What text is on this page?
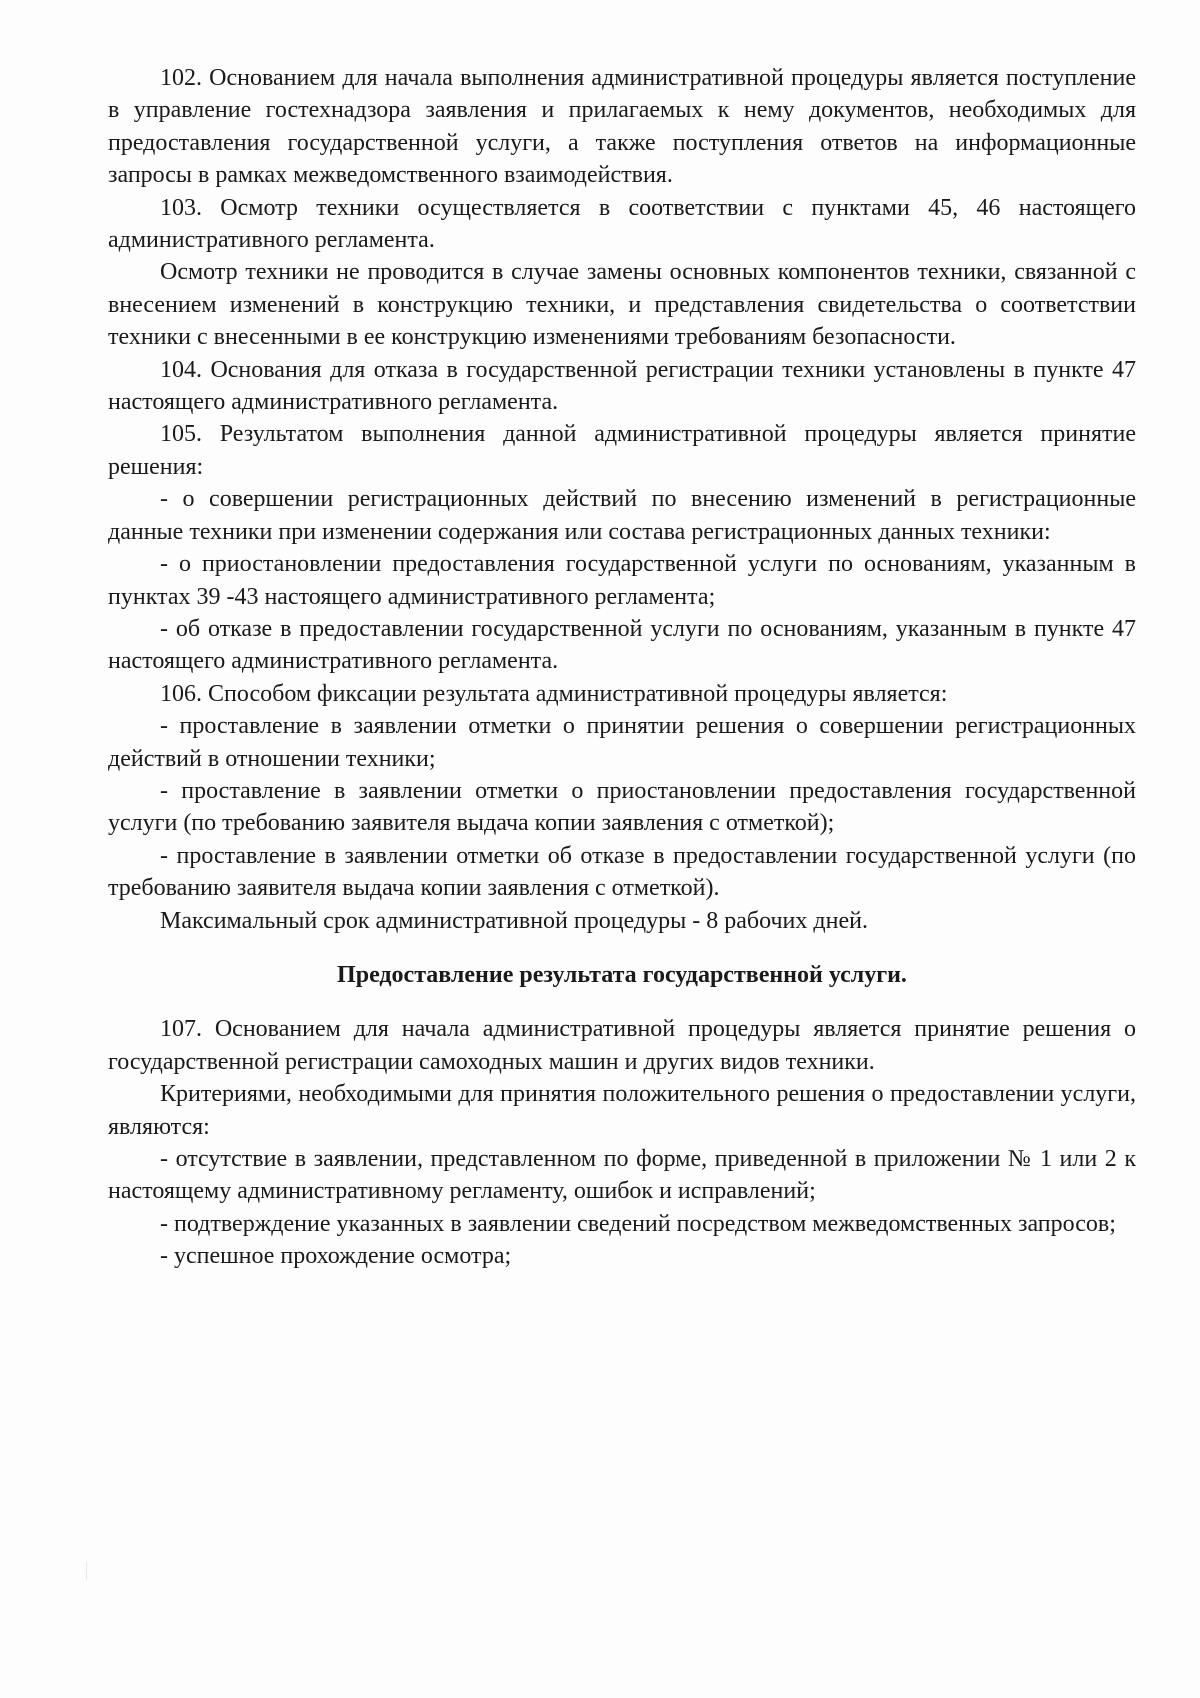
102. Основанием для начала выполнения административной процедуры является поступление в управление гостехнадзора заявления и прилагаемых к нему документов, необходимых для предоставления государственной услуги, а также поступления ответов на информационные запросы в рамках межведомственного взаимодействия.

103. Осмотр техники осуществляется в соответствии с пунктами 45, 46 настоящего административного регламента.

Осмотр техники не проводится в случае замены основных компонентов техники, связанной с внесением изменений в конструкцию техники, и представления свидетельства о соответствии техники с внесенными в ее конструкцию изменениями требованиям безопасности.

104. Основания для отказа в государственной регистрации техники установлены в пункте 47 настоящего административного регламента.

105. Результатом выполнения данной административной процедуры является принятие решения:

- о совершении регистрационных действий по внесению изменений в регистрационные данные техники при изменении содержания или состава регистрационных данных техники:

- о приостановлении предоставления государственной услуги по основаниям, указанным в пунктах 39 -43 настоящего административного регламента;

- об отказе в предоставлении государственной услуги по основаниям, указанным в пункте 47 настоящего административного регламента.

106. Способом фиксации результата административной процедуры является:

- проставление в заявлении отметки о принятии решения о совершении регистрационных действий в отношении техники;

- проставление в заявлении отметки о приостановлении предоставления государственной услуги (по требованию заявителя выдача копии заявления с отметкой);

- проставление в заявлении отметки об отказе в предоставлении государственной услуги (по требованию заявителя выдача копии заявления с отметкой).

Максимальный срок административной процедуры - 8 рабочих дней.

Предоставление результата государственной услуги.

107. Основанием для начала административной процедуры является принятие решения о государственной регистрации самоходных машин и других видов техники.

Критериями, необходимыми для принятия положительного решения о предоставлении услуги, являются:

- отсутствие в заявлении, представленном по форме, приведенной в приложении № 1 или 2 к настоящему административному регламенту, ошибок и исправлений;

- подтверждение указанных в заявлении сведений посредством межведомственных запросов;

- успешное прохождение осмотра;
